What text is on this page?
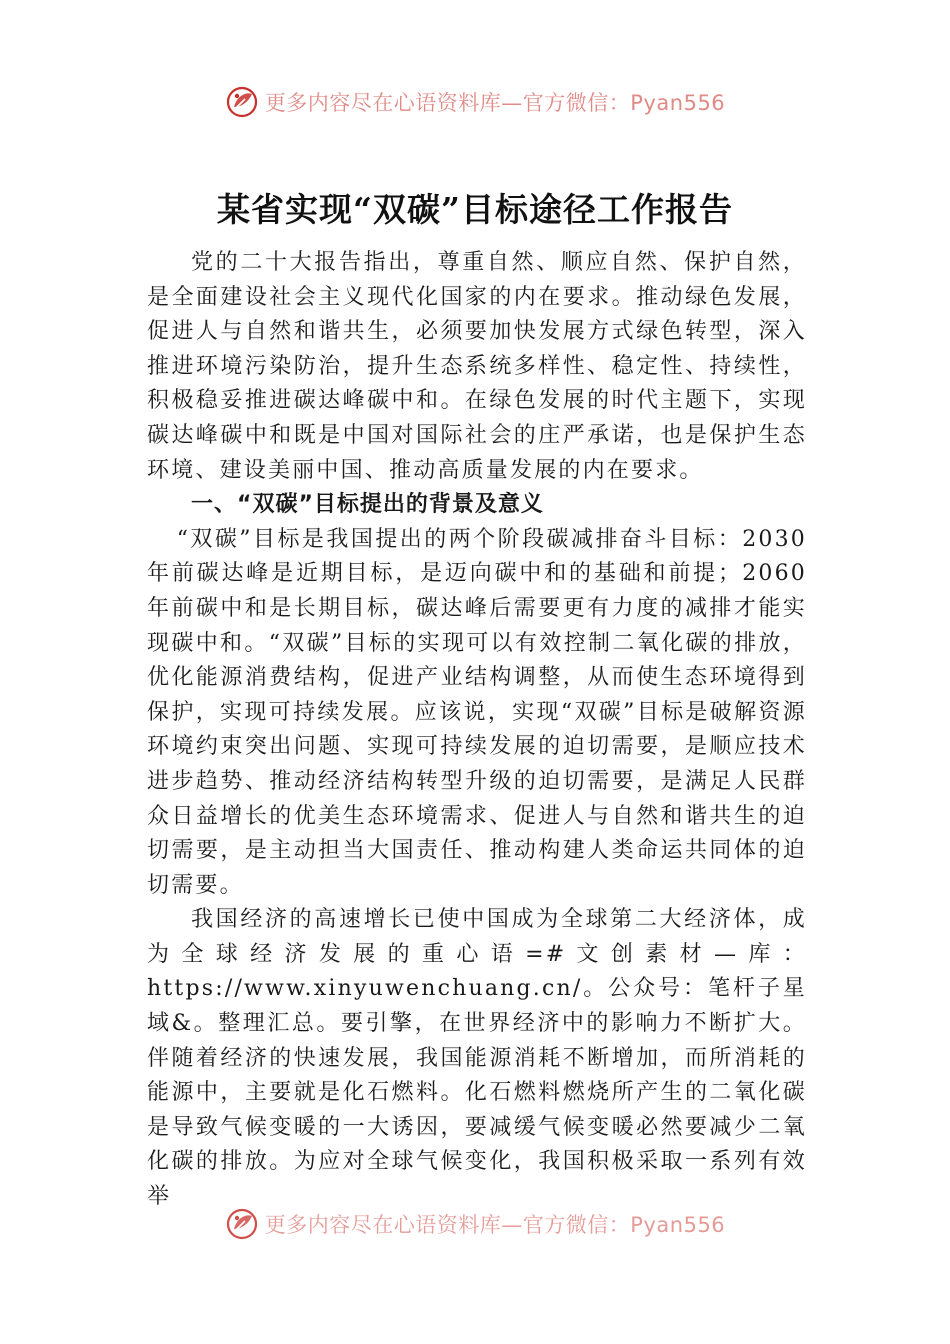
更多内容尽在心语资料库—官方微信：Pyan556
某省实现“双碳”目标途径工作报告

党的二十大报告指出，尊重自然、顺应自然、保护自然，是全面建设社会主义现代化国家的内在要求。推动绿色发展，促进人与自然和谐共生，必须要加快发展方式绿色转型，深入推进环境污染防治，提升生态系统多样性、稳定性、持续性，积极稳妥推进碳达峰碳中和。在绿色发展的时代主题下，实现碳达峰碳中和既是中国对国际社会的庄严承诺，也是保护生态环境、建设美丽中国、推动高质量发展的内在要求。

一、“双碳”目标提出的背景及意义

“双碳”目标是我国提出的两个阶段碳减排奋斗目标：2030年前碳达峰是近期目标，是迈向碳中和的基础和前提；2060年前碳中和是长期目标，碳达峰后需要更有力度的减排才能实现碳中和。“双碳”目标的实现可以有效控制二氧化碳的排放，优化能源消费结构，促进产业结构调整，从而使生态环境得到保护，实现可持续发展。应该说，实现“双碳”目标是破解资源环境约束突出问题、实现可持续发展的迫切需要，是顺应技术进步趋势、推动经济结构转型升级的迫切需要，是满足人民群众日益增长的优美生态环境需求、促进人与自然和谐共生的迫切需要，是主动担当大国责任、推动构建人类命运共同体的迫切需要。

我国经济的高速增长已使中国成为全球第二大经济体，成为全球经济发展的重心语=#文创素材—库：https://www.xinyuwenchuang.cn/。公众号：笔杆子星域&。整理汇总。要引擎，在世界经济中的影响力不断扩大。伴随着经济的快速发展，我国能源消耗不断增加，而所消耗的能源中，主要就是化石燃料。化石燃料燃烧所产生的二氧化碳是导致气候变暖的一大诱因，要减缓气候变暖必然要减少二氧化碳的排放。为应对全球气候变化，我国积极采取一系列有效举

更多内容尽在心语资料库—官方微信：Pyan556
